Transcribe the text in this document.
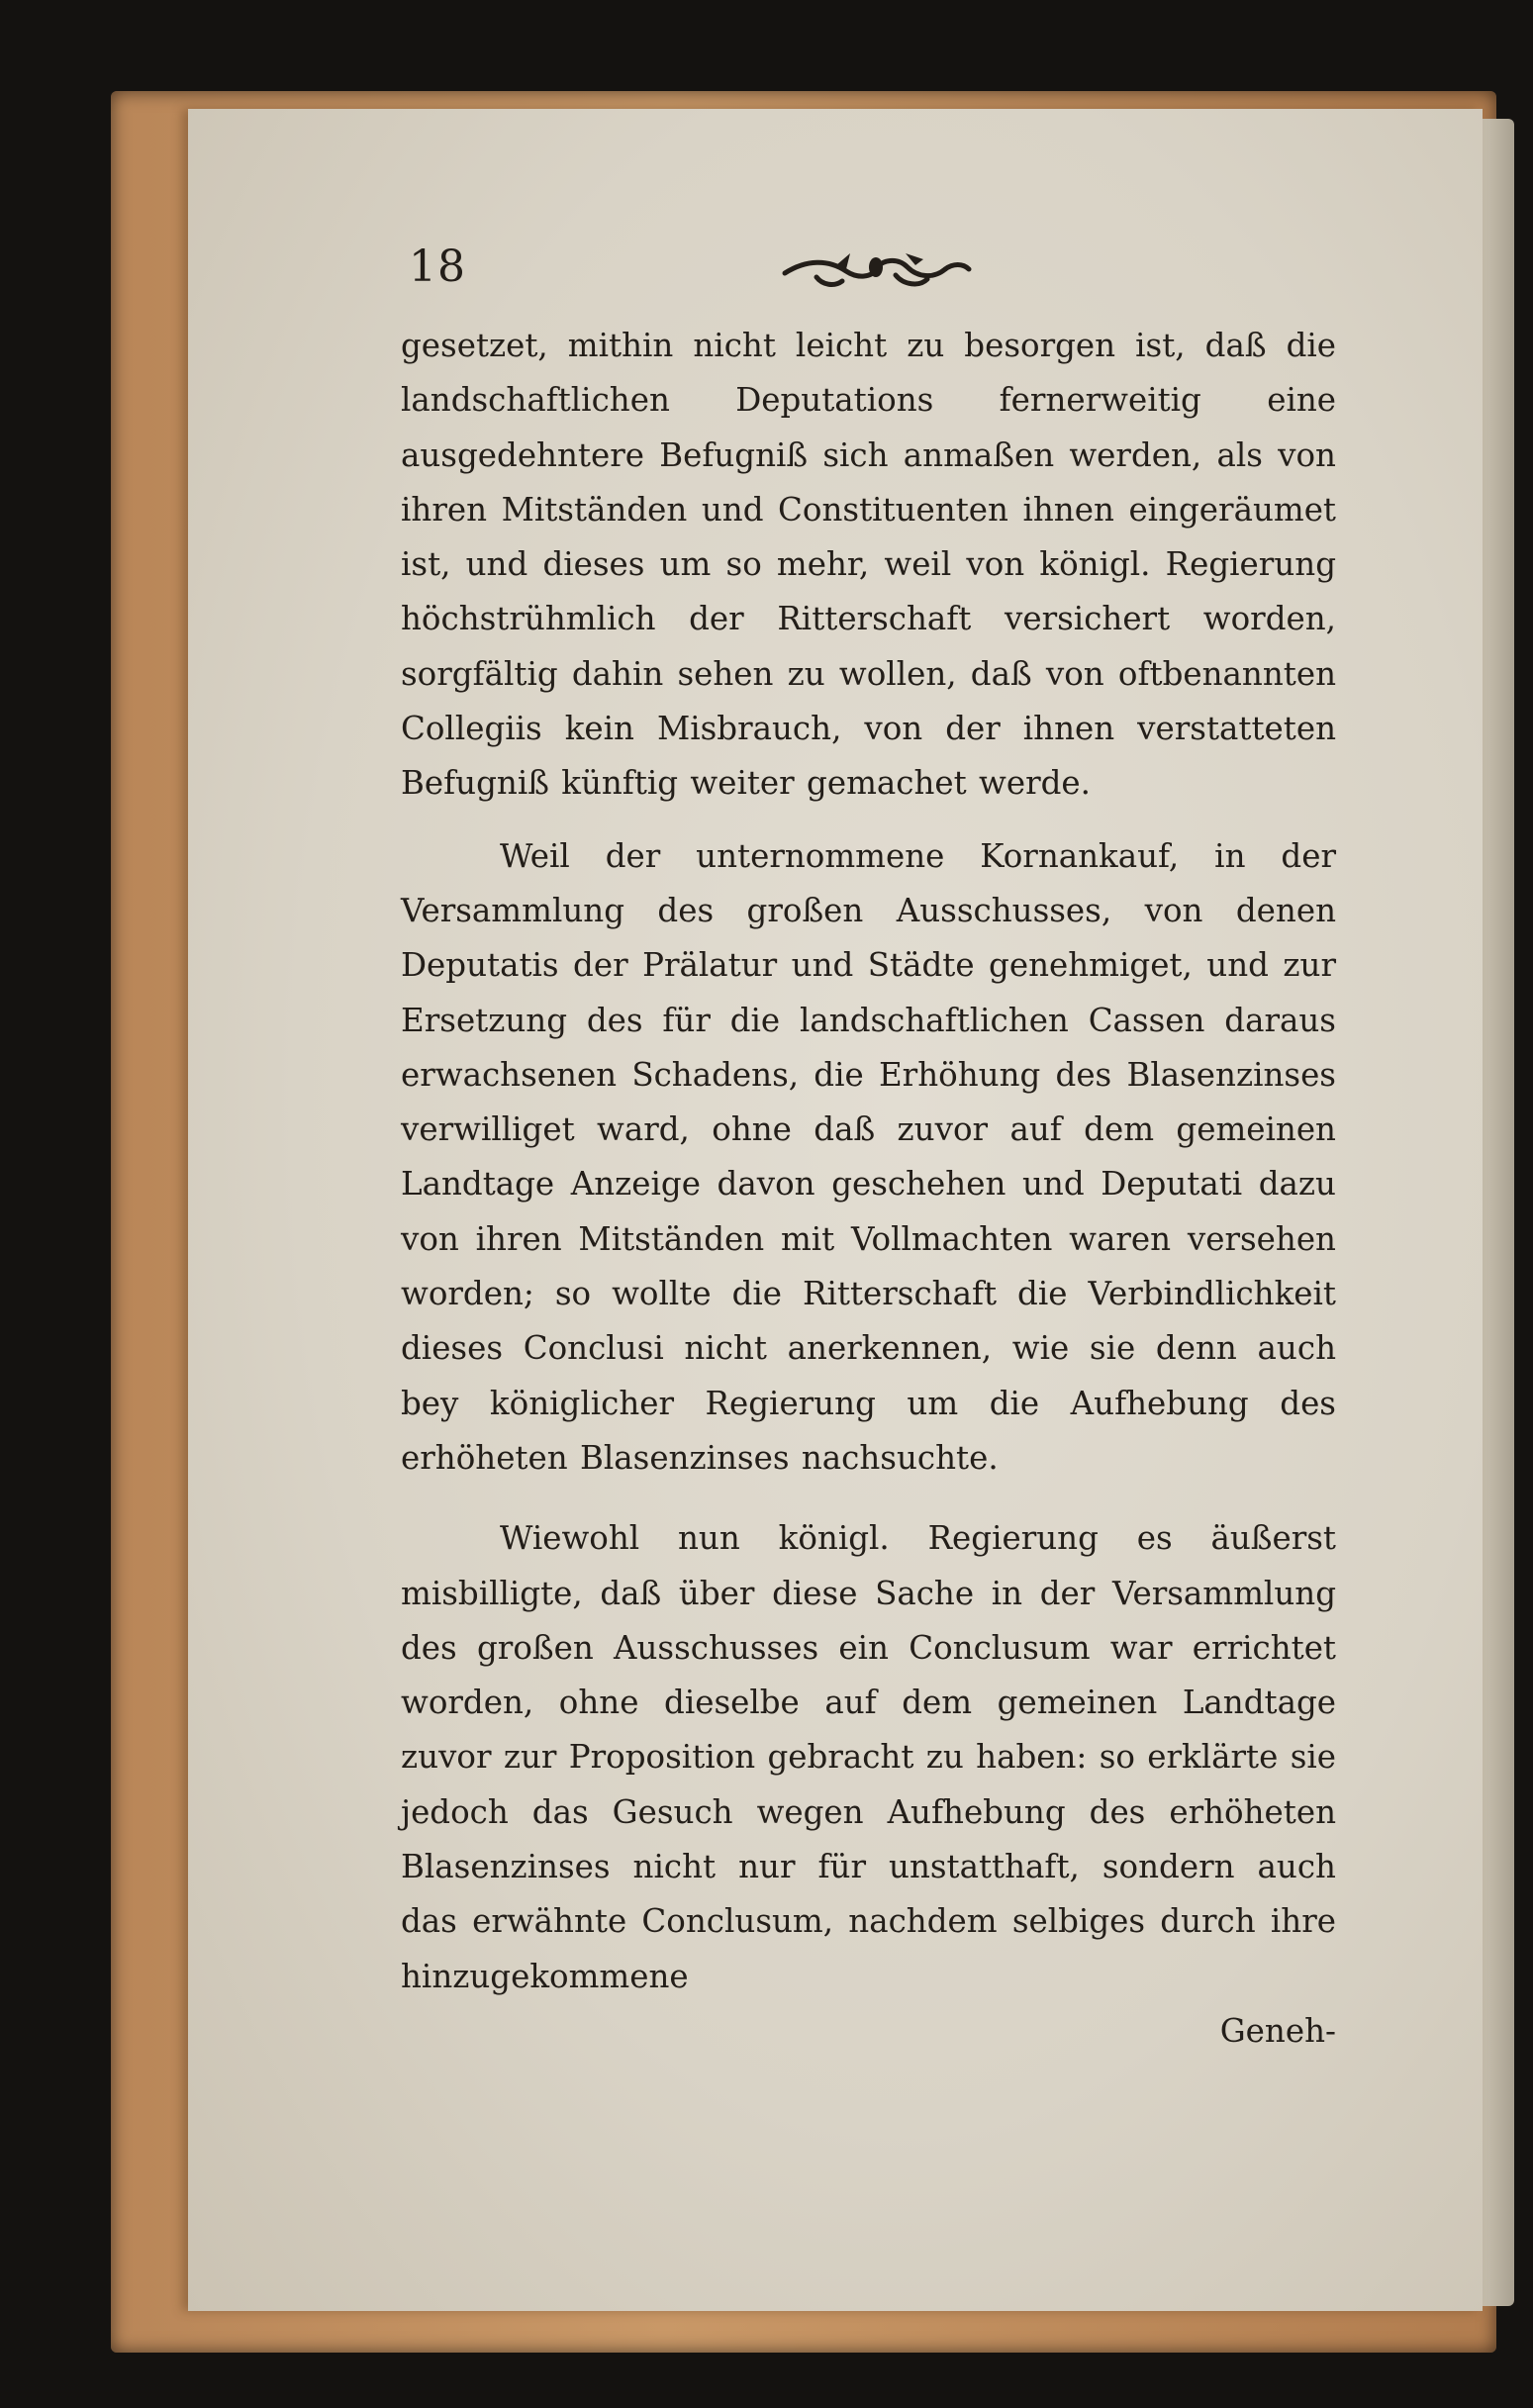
18

gesetzet, mithin nicht leicht zu besorgen ist, daß die landschaftlichen Deputations fernerweitig eine ausgedehntere Befugniß sich anmaßen werden, als von ihren Mitständen und Constituenten ihnen eingeräumet ist, und dieses um so mehr, weil von königl. Regierung höchstrühmlich der Ritterschaft versichert worden, sorgfältig dahin sehen zu wollen, daß von oftbenannten Collegiis kein Misbrauch, von der ihnen verstatteten Befugniß künftig weiter gemachet werde.

Weil der unternommene Kornankauf, in der Versammlung des großen Ausschusses, von denen Deputatis der Prälatur und Städte genehmiget, und zur Ersetzung des für die landschaftlichen Cassen daraus erwachsenen Schadens, die Erhöhung des Blasenzinses verwilliget ward, ohne daß zuvor auf dem gemeinen Landtage Anzeige davon geschehen und Deputati dazu von ihren Mitständen mit Vollmachten waren versehen worden; so wollte die Ritterschaft die Verbindlichkeit dieses Conclusi nicht anerkennen, wie sie denn auch bey königlicher Regierung um die Aufhebung des erhöheten Blasenzinses nachsuchte.

Wiewohl nun königl. Regierung es äußerst misbilligte, daß über diese Sache in der Versammlung des großen Ausschusses ein Conclusum war errichtet worden, ohne dieselbe auf dem gemeinen Landtage zuvor zur Proposition gebracht zu haben: so erklärte sie jedoch das Gesuch wegen Aufhebung des erhöheten Blasenzinses nicht nur für unstatthaft, sondern auch das erwähnte Conclusum, nachdem selbiges durch ihre hinzugekommene

Geneh-
